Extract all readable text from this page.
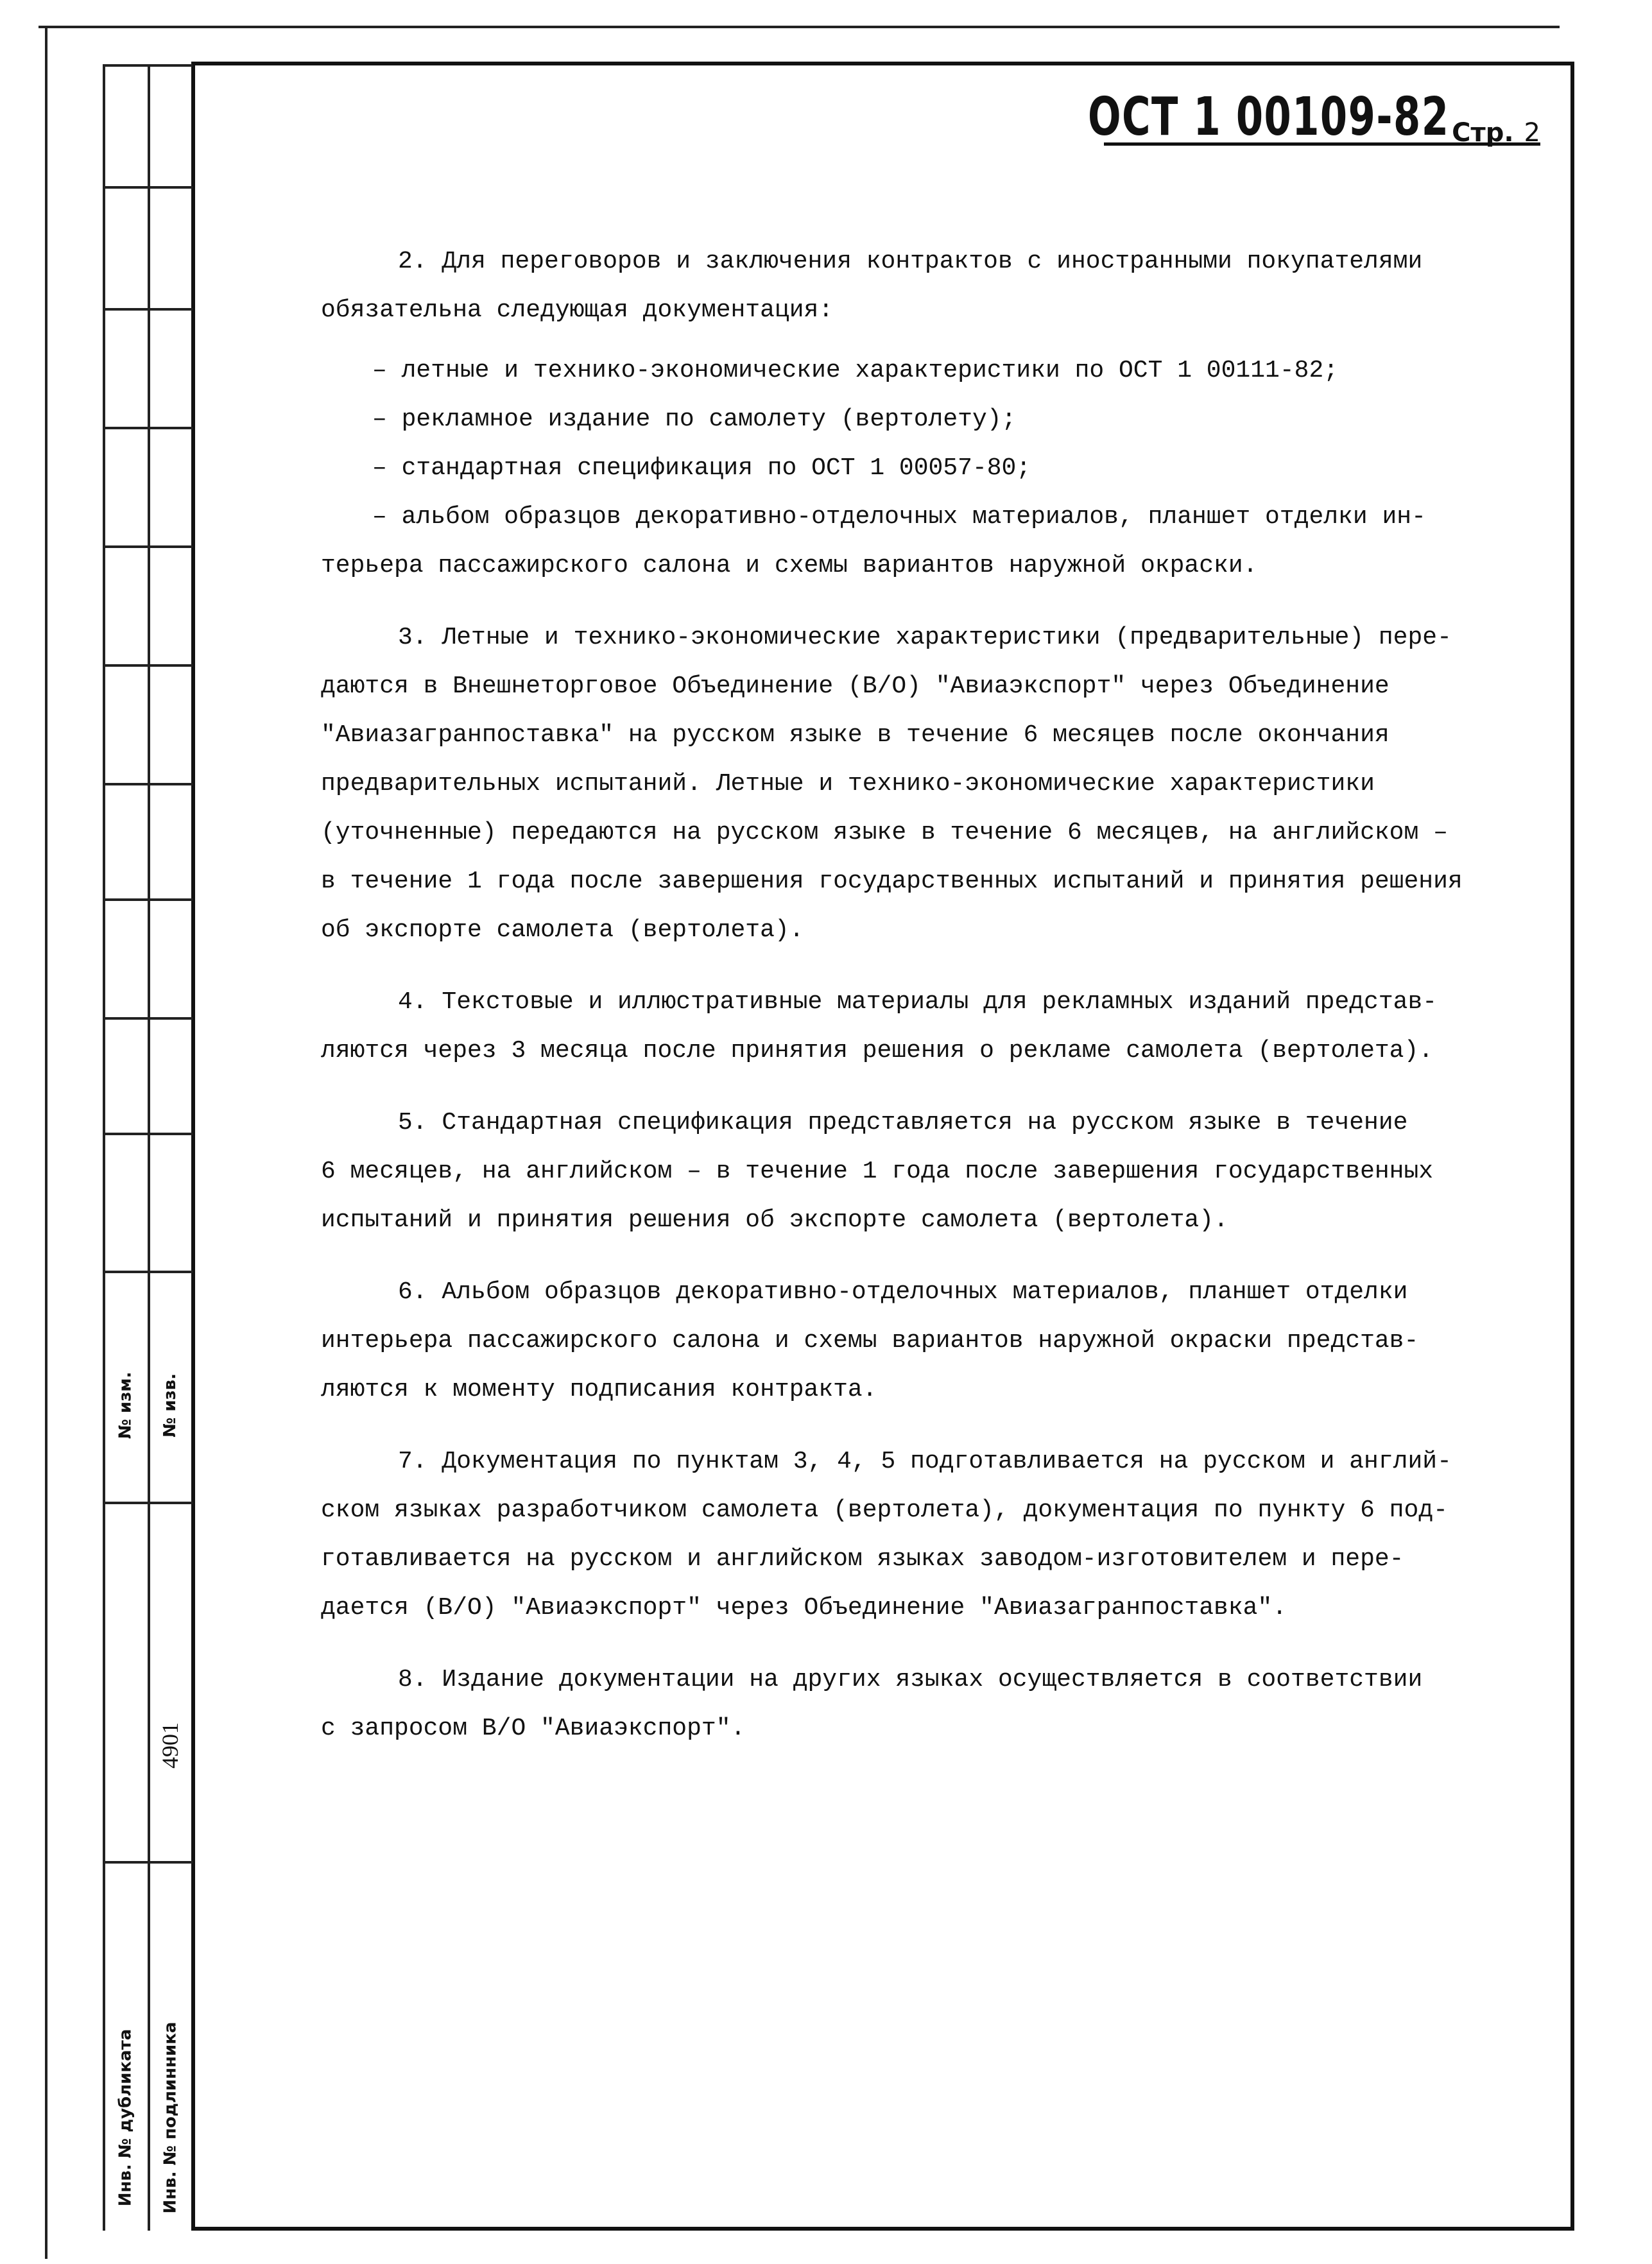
№ изм. № изв.
4901
Инв. № дубликата Инв. № подлинника
ОСТ 1 00109-82 Стр. 2

2. Для переговоров и заключения контрактов с иностранными покупателями
обязательна следующая документация:

– летные и технико-экономические характеристики по ОСТ 1 00111-82;

– рекламное издание по самолету (вертолету);

– стандартная спецификация по ОСТ 1 00057-80;

– альбом образцов декоративно-отделочных материалов, планшет отделки ин-

терьера пассажирского салона и схемы вариантов наружной окраски.

3. Летные и технико-экономические характеристики (предварительные) пере-
даются в Внешнеторговое Объединение (В/О) "Авиаэкспорт" через Объединение
"Авиазагранпоставка" на русском языке в течение 6 месяцев после окончания
предварительных испытаний. Летные и технико-экономические характеристики
(уточненные) передаются на русском языке в течение 6 месяцев, на английском –
в течение 1 года после завершения государственных испытаний и принятия решения
об экспорте самолета (вертолета).

4. Текстовые и иллюстративные материалы для рекламных изданий представ-
ляются через 3 месяца после принятия решения о рекламе самолета (вертолета).

5. Стандартная спецификация представляется на русском языке в течение
6 месяцев, на английском – в течение 1 года после завершения государственных
испытаний и принятия решения об экспорте самолета (вертолета).

6. Альбом образцов декоративно-отделочных материалов, планшет отделки
интерьера пассажирского салона и схемы вариантов наружной окраски представ-
ляются к моменту подписания контракта.

7. Документация по пунктам 3, 4, 5 подготавливается на русском и англий-
ском языках разработчиком самолета (вертолета), документация по пункту 6 под-
готавливается на русском и английском языках заводом-изготовителем и пере-
дается (В/О) "Авиаэкспорт" через Объединение "Авиазагранпоставка".

8. Издание документации на других языках осуществляется в соответствии
с запросом В/О "Авиаэкспорт".
